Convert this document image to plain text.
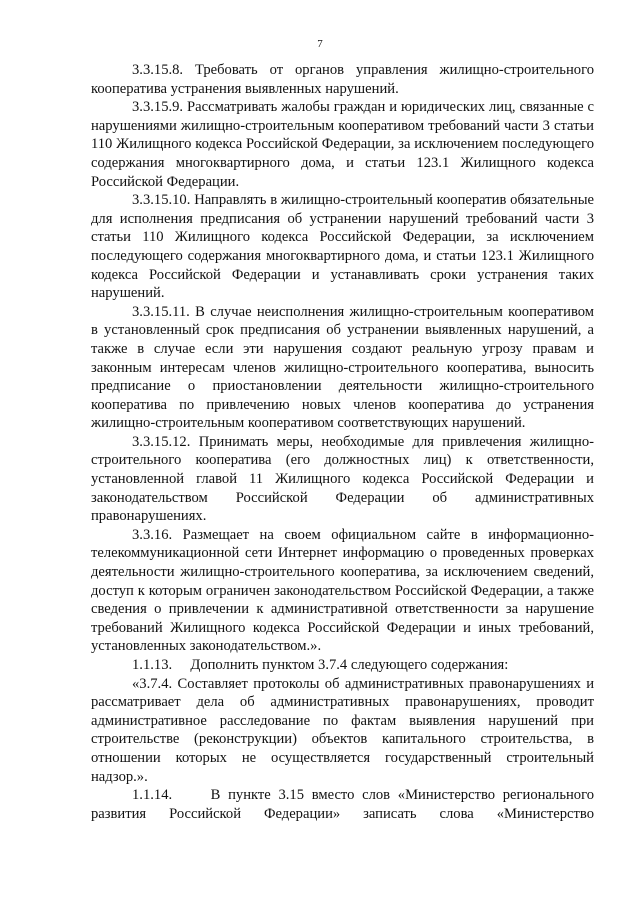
7

3.3.15.8. Требовать от органов управления жилищно-строительного кооператива устранения выявленных нарушений.

3.3.15.9. Рассматривать жалобы граждан и юридических лиц, связанные с нарушениями жилищно-строительным кооперативом требований части 3 статьи 110 Жилищного кодекса Российской Федерации, за исключением последующего содержания многоквартирного дома, и статьи 123.1 Жилищного кодекса Российской Федерации.

3.3.15.10. Направлять в жилищно-строительный кооператив обязательные для исполнения предписания об устранении нарушений требований части 3 статьи 110 Жилищного кодекса Российской Федерации, за исключением последующего содержания многоквартирного дома, и статьи 123.1 Жилищного кодекса Российской Федерации и устанавливать сроки устранения таких нарушений.

3.3.15.11. В случае неисполнения жилищно-строительным кооперативом в установленный срок предписания об устранении выявленных нарушений, а также в случае если эти нарушения создают реальную угрозу правам и законным интересам членов жилищно-строительного кооператива, выносить предписание о приостановлении деятельности жилищно-строительного кооператива по привлечению новых членов кооператива до устранения жилищно-строительным кооперативом соответствующих нарушений.

3.3.15.12. Принимать меры, необходимые для привлечения жилищно-строительного кооператива (его должностных лиц) к ответственности, установленной главой 11 Жилищного кодекса Российской Федерации и законодательством Российской Федерации об административных правонарушениях.

3.3.16. Размещает на своем официальном сайте в информационно-телекоммуникационной сети Интернет информацию о проведенных проверках деятельности жилищно-строительного кооператива, за исключением сведений, доступ к которым ограничен законодательством Российской Федерации, а также сведения о привлечении к административной ответственности за нарушение требований Жилищного кодекса Российской Федерации и иных требований, установленных законодательством.».

1.1.13.     Дополнить пунктом 3.7.4 следующего содержания:

«3.7.4. Составляет протоколы об административных правонарушениях и рассматривает дела об административных правонарушениях, проводит административное расследование по фактам выявления нарушений при строительстве (реконструкции) объектов капитального строительства, в отношении которых не осуществляется государственный строительный надзор.».

1.1.14.     В пункте 3.15 вместо слов «Министерство регионального развития Российской Федерации» записать слова «Министерство
